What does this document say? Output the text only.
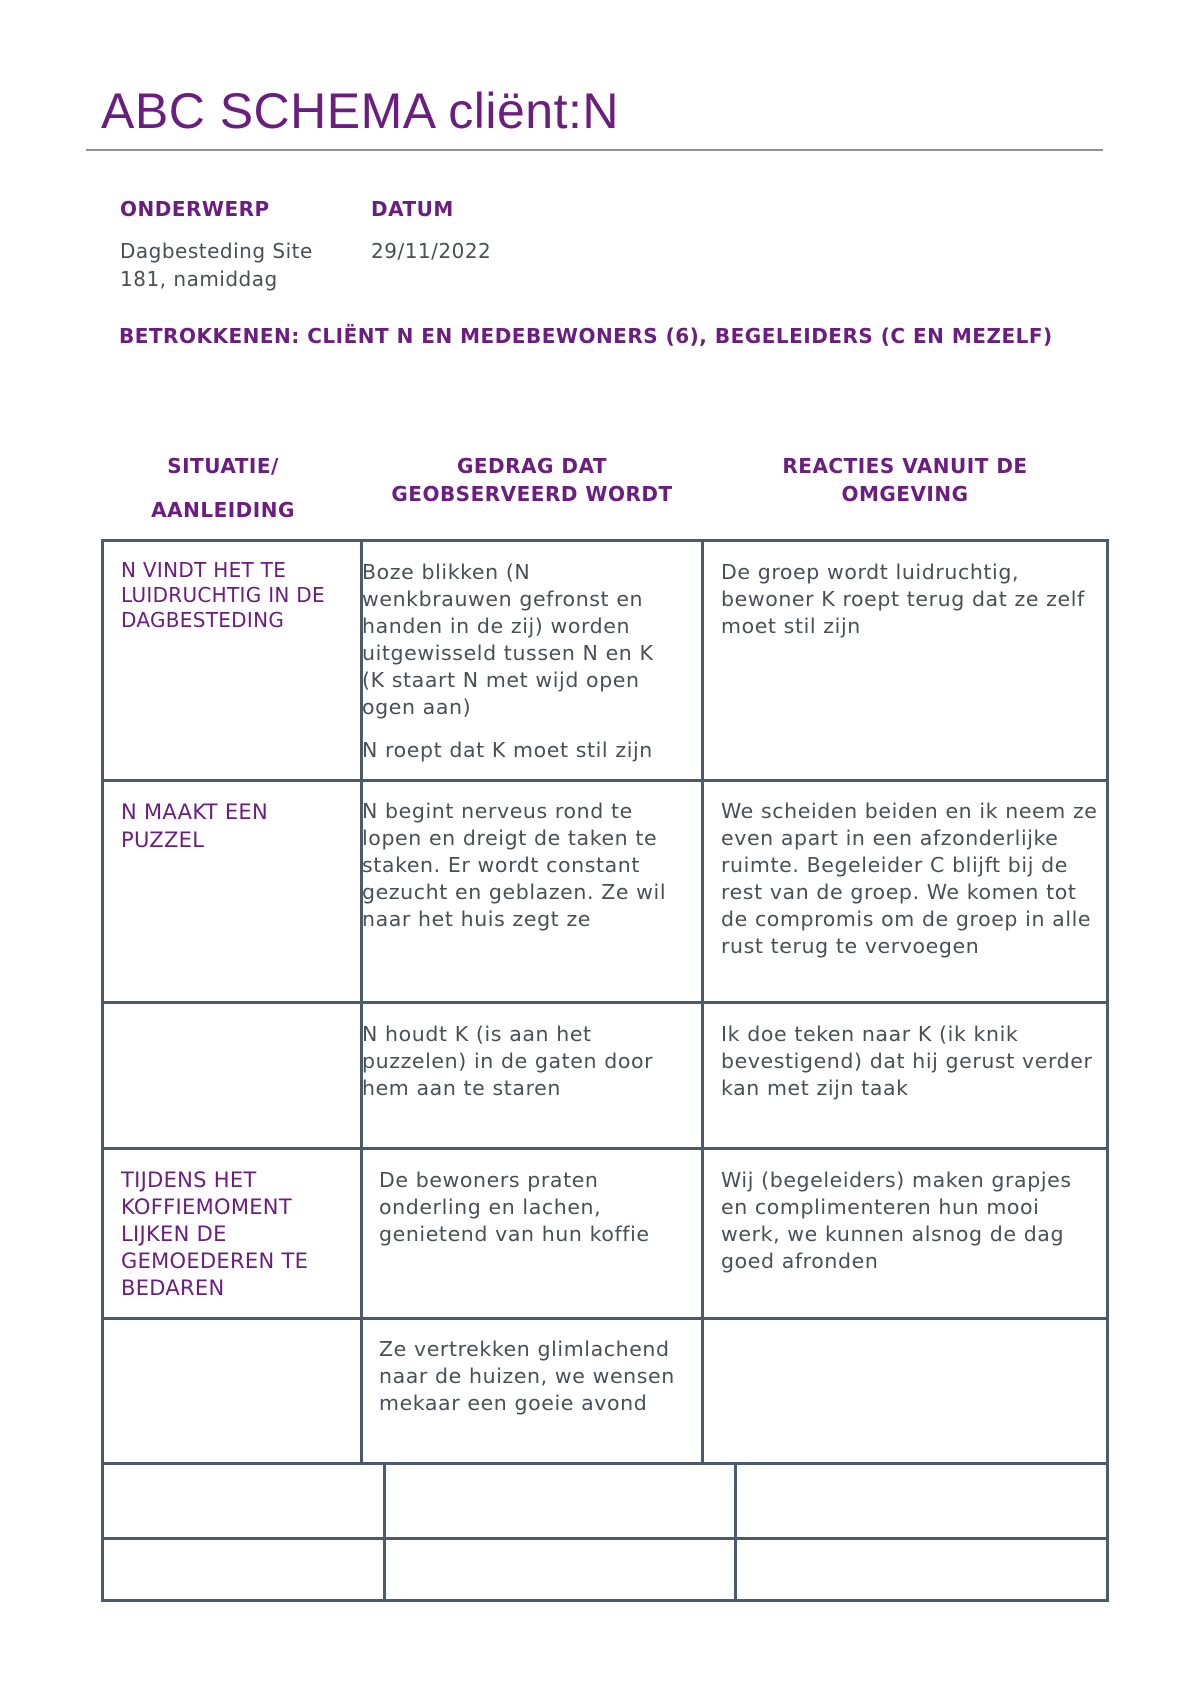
ABC SCHEMA cliënt:N
ONDERWERP	DATUM
Dagbesteding Site
181, namiddag
29/11/2022
BETROKKENEN: CLIËNT N EN MEDEBEWONERS (6), BEGELEIDERS (C EN MEZELF)
SITUATIE/
AANLEIDING
GEDRAG DAT GEOBSERVEERD WORDT
REACTIES VANUIT DE OMGEVING
N VINDT HET TE LUIDRUCHTIG IN DE DAGBESTEDING

Boze blikken (N wenkbrauwen gefronst en handen in de zij) worden uitgewisseld tussen N en K (K staart N met wijd open ogen aan)

N roept dat K moet stil zijn

De groep wordt luidruchtig, bewoner K roept terug dat ze zelf moet stil zijn
N MAAKT EEN PUZZEL
N begint nerveus rond te lopen en dreigt de taken te staken. Er wordt constant gezucht en geblazen. Ze wil naar het huis zegt ze
We scheiden beiden en ik neem ze even apart in een afzonderlijke ruimte. Begeleider C blijft bij de rest van de groep. We komen tot de compromis om de groep in alle rust terug te vervoegen
N houdt K (is aan het puzzelen) in de gaten door hem aan te staren
Ik doe teken naar K (ik knik bevestigend) dat hij gerust verder kan met zijn taak
TIJDENS HET KOFFIEMOMENT LIJKEN DE GEMOEDEREN TE BEDAREN
De bewoners praten onderling en lachen, genietend van hun koffie
Wij (begeleiders) maken grapjes en complimenteren hun mooi werk, we kunnen alsnog de dag goed afronden
Ze vertrekken glimlachend naar de huizen, we wensen mekaar een goeie avond
